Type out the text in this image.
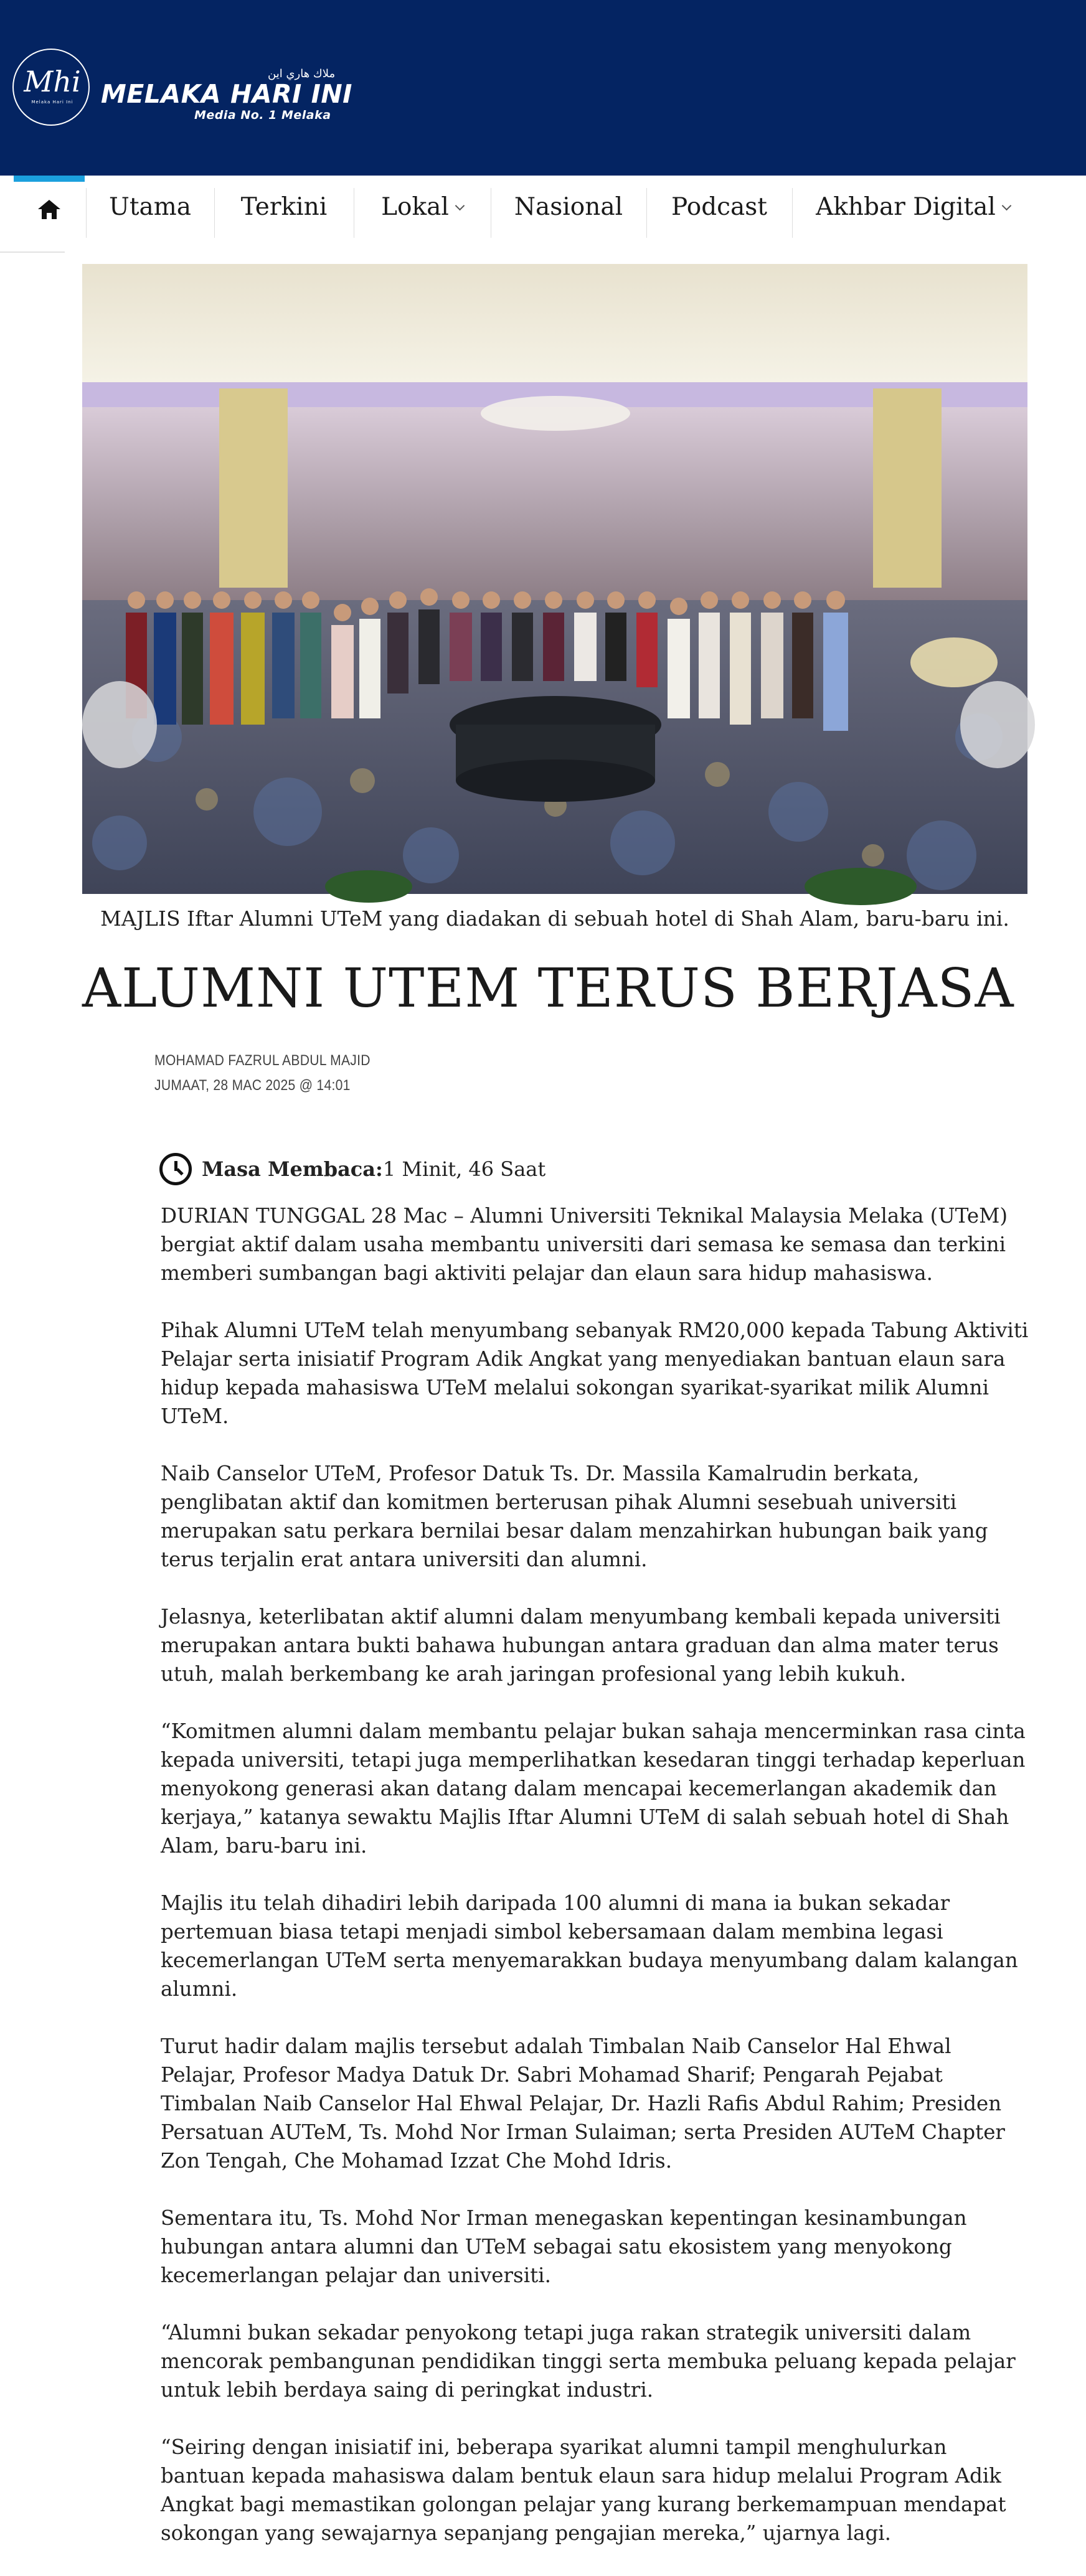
Mhi
Melaka Hari Ini
ملاك هاري اين
MELAKA HARI INI
Media No. 1 Melaka
Utama Terkini Lokal	Nasional Podcast Akhbar Digital
MAJLIS Iftar Alumni UTeM yang diadakan di sebuah hotel di Shah Alam, baru-baru ini.
ALUMNI UTEM TERUS BERJASA
MOHAMAD FAZRUL ABDUL MAJID
JUMAAT, 28 MAC 2025 @ 14:01
Masa Membaca: 1 Minit, 46 Saat

DURIAN TUNGGAL 28 Mac – Alumni Universiti Teknikal Malaysia Melaka (UTeM) bergiat aktif dalam usaha membantu universiti dari semasa ke semasa dan terkini memberi sumbangan bagi aktiviti pelajar dan elaun sara hidup mahasiswa.

Pihak Alumni UTeM telah menyumbang sebanyak RM20,000 kepada Tabung Aktiviti Pelajar serta inisiatif Program Adik Angkat yang menyediakan bantuan elaun sara hidup kepada mahasiswa UTeM melalui sokongan syarikat-syarikat milik Alumni UTeM.

Naib Canselor UTeM, Profesor Datuk Ts. Dr. Massila Kamalrudin berkata, penglibatan aktif dan komitmen berterusan pihak Alumni sesebuah universiti merupakan satu perkara bernilai besar dalam menzahirkan hubungan baik yang terus terjalin erat antara universiti dan alumni.

Jelasnya, keterlibatan aktif alumni dalam menyumbang kembali kepada universiti merupakan antara bukti bahawa hubungan antara graduan dan alma mater terus utuh, malah berkembang ke arah jaringan profesional yang lebih kukuh.

“Komitmen alumni dalam membantu pelajar bukan sahaja mencerminkan rasa cinta kepada universiti, tetapi juga memperlihatkan kesedaran tinggi terhadap keperluan menyokong generasi akan datang dalam mencapai kecemerlangan akademik dan kerjaya,” katanya sewaktu Majlis Iftar Alumni UTeM di salah sebuah hotel di Shah Alam, baru-baru ini.

Majlis itu telah dihadiri lebih daripada 100 alumni di mana ia bukan sekadar pertemuan biasa tetapi menjadi simbol kebersamaan dalam membina legasi kecemerlangan UTeM serta menyemarakkan budaya menyumbang dalam kalangan alumni.

Turut hadir dalam majlis tersebut adalah Timbalan Naib Canselor Hal Ehwal Pelajar, Profesor Madya Datuk Dr. Sabri Mohamad Sharif; Pengarah Pejabat Timbalan Naib Canselor Hal Ehwal Pelajar, Dr. Hazli Rafis Abdul Rahim; Presiden Persatuan AUTeM, Ts. Mohd Nor Irman Sulaiman; serta Presiden AUTeM Chapter Zon Tengah, Che Mohamad Izzat Che Mohd Idris.

Sementara itu, Ts. Mohd Nor Irman menegaskan kepentingan kesinambungan hubungan antara alumni dan UTeM sebagai satu ekosistem yang menyokong kecemerlangan pelajar dan universiti.

“Alumni bukan sekadar penyokong tetapi juga rakan strategik universiti dalam mencorak pembangunan pendidikan tinggi serta membuka peluang kepada pelajar untuk lebih berdaya saing di peringkat industri.

“Seiring dengan inisiatif ini, beberapa syarikat alumni tampil menghulurkan bantuan kepada mahasiswa dalam bentuk elaun sara hidup melalui Program Adik Angkat bagi memastikan golongan pelajar yang kurang berkemampuan mendapat sokongan yang sewajarnya sepanjang pengajian mereka,” ujarnya lagi.
